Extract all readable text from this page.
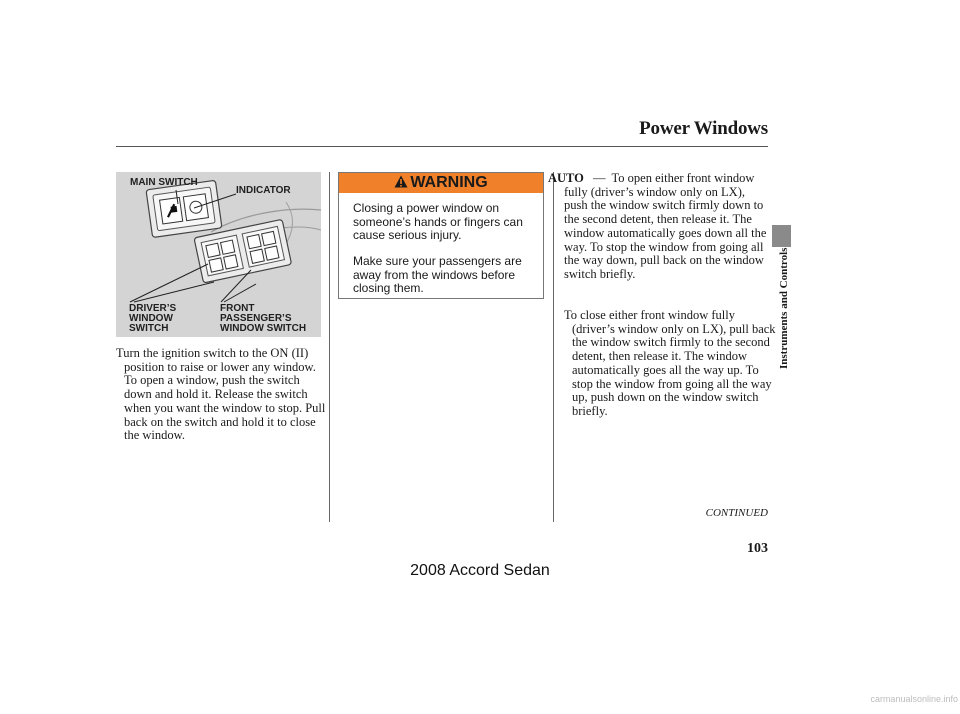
Power Windows
MAIN SWITCH
INDICATOR
DRIVER’S
WINDOW
SWITCH
FRONT
PASSENGER’S
WINDOW SWITCH
WARNING
Closing a power window on someone’s hands or fingers can cause serious injury.
Make sure your passengers are away from the windows before closing them.
Turn the ignition switch to the ON (II) position to raise or lower any window. To open a window, push the switch down and hold it. Release the switch when you want the window to stop. Pull back on the switch and hold it to close the window.
AUTO — To open either front window fully (driver’s window only on LX), push the window switch firmly down to the second detent, then release it. The window automatically goes down all the way. To stop the window from going all the way down, pull back on the window switch briefly.
To close either front window fully (driver’s window only on LX), pull back the window switch firmly to the second detent, then release it. The window automatically goes all the way up. To stop the window from going all the way up, push down on the window switch briefly.
Instruments and Controls
CONTINUED
103
2008 Accord Sedan
carmanualsonline.info
